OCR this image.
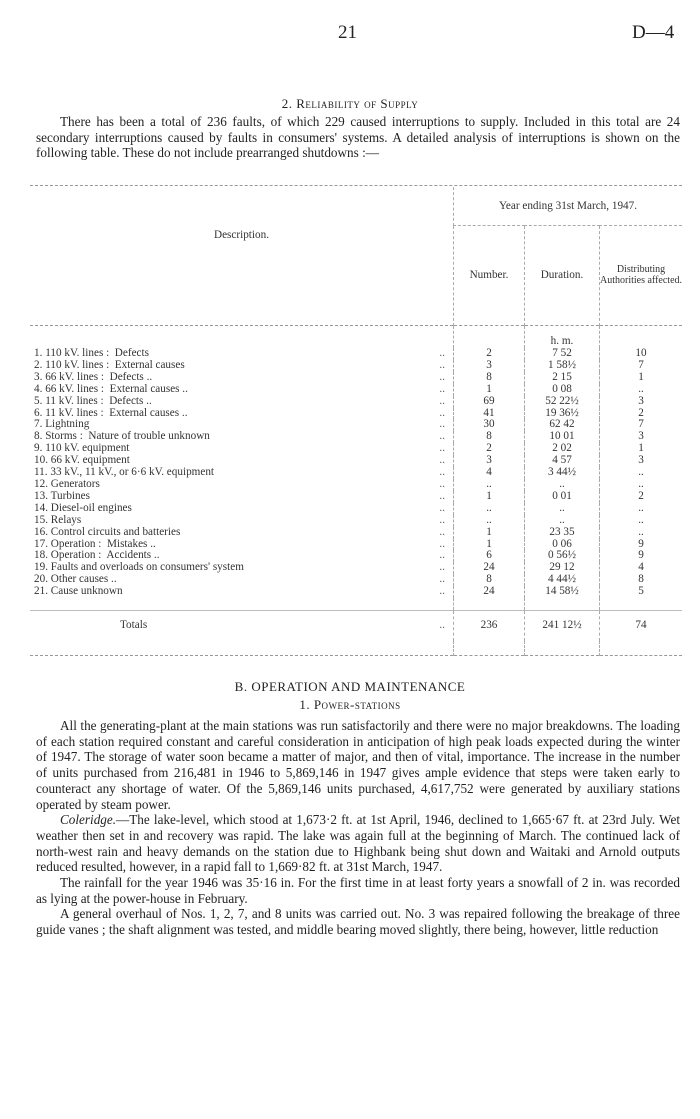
21	D—4
2. Reliability of Supply

There has been a total of 236 faults, of which 229 caused interruptions to supply. Included in this total are 24 secondary interruptions caused by faults in consumers' systems. A detailed analysis of interruptions is shown on the following table. These do not include prearranged shutdowns :—

Description.	Year ending 31st March, 1947.		
	Number.	Duration.	Distributing Authorities affected.
		h. m.	
1. 110 kV. lines :  Defects ..	2	7 52	10
2. 110 kV. lines :  External causes ..	3	1 58½	7
3. 66 kV. lines :  Defects .. ..	8	2 15	1
4. 66 kV. lines :  External causes .. ..	1	0 08	..
5. 11 kV. lines :  Defects .. ..	69	52 22½	3
6. 11 kV. lines :  External causes .. ..	41	19 36½	2
7. Lightning ..	30	62 42	7
8. Storms :  Nature of trouble unknown ..	8	10 01	3
9. 110 kV. equipment ..	2	2 02	1
10. 66 kV. equipment ..	3	4 57	3
11. 33 kV., 11 kV., or 6·6 kV. equipment ..	4	3 44½	..
12. Generators ..	..	..	..
13. Turbines ..	1	0 01	2
14. Diesel-oil engines ..	..	..	..
15. Relays ..	..	..	..
16. Control circuits and batteries ..	1	23 35	..
17. Operation :  Mistakes .. ..	1	0 06	9
18. Operation :  Accidents .. ..	6	0 56½	9
19. Faults and overloads on consumers' system ..	24	29 12	4
20. Other causes .. ..	8	4 44½	8
21. Cause unknown ..	24	14 58½	5

Totals ..	236	241 12½	74

B. OPERATION AND MAINTENANCE
1. Power-stations

All the generating-plant at the main stations was run satisfactorily and there were no major breakdowns. The loading of each station required constant and careful consideration in anticipation of high peak loads expected during the winter of 1947. The storage of water soon became a matter of major, and then of vital, importance. The increase in the number of units purchased from 216,481 in 1946 to 5,869,146 in 1947 gives ample evidence that steps were taken early to counteract any shortage of water. Of the 5,869,146 units purchased, 4,617,752 were generated by auxiliary stations operated by steam power.

Coleridge.—The lake-level, which stood at 1,673·2 ft. at 1st April, 1946, declined to 1,665·67 ft. at 23rd July. Wet weather then set in and recovery was rapid. The lake was again full at the beginning of March. The continued lack of north-west rain and heavy demands on the station due to Highbank being shut down and Waitaki and Arnold outputs reduced resulted, however, in a rapid fall to 1,669·82 ft. at 31st March, 1947.

The rainfall for the year 1946 was 35·16 in. For the first time in at least forty years a snowfall of 2 in. was recorded as lying at the power-house in February.

A general overhaul of Nos. 1, 2, 7, and 8 units was carried out. No. 3 was repaired following the breakage of three guide vanes ; the shaft alignment was tested, and middle bearing moved slightly, there being, however, little reduction
